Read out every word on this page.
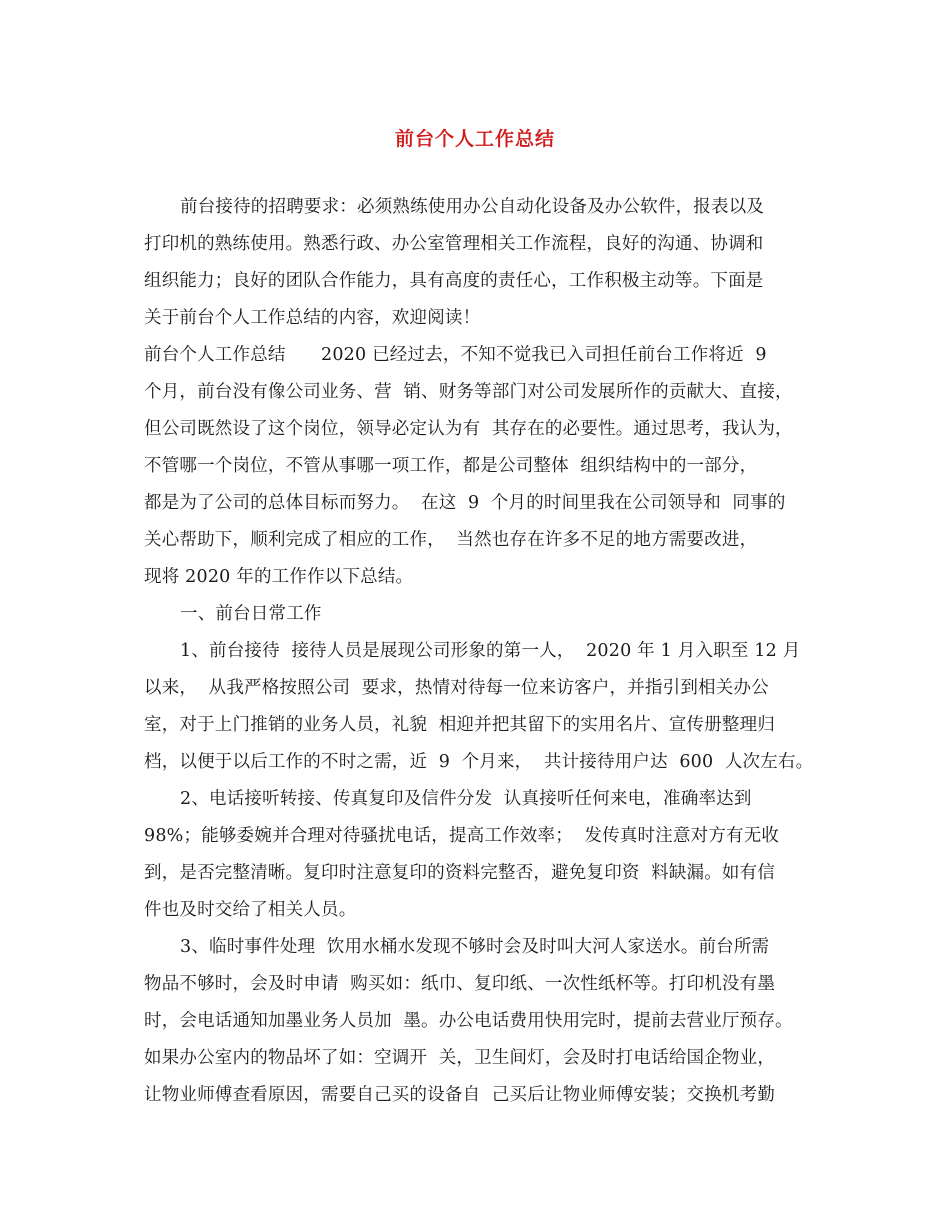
前台个人工作总结
前台接待的招聘要求：必须熟练使用办公自动化设备及办公软件，报表以及
打印机的熟练使用。熟悉行政、办公室管理相关工作流程，良好的沟通、协调和
组织能力；良好的团队合作能力，具有高度的责任心，工作积极主动等。下面是
关于前台个人工作总结的内容，欢迎阅读！
前台个人工作总结　　2020 已经过去，不知不觉我已入司担任前台工作将近  9
个月，前台没有像公司业务、营  销、财务等部门对公司发展所作的贡献大、直接，
但公司既然设了这个岗位，领导必定认为有  其存在的必要性。通过思考，我认为，
不管哪一个岗位，不管从事哪一项工作，都是公司整体  组织结构中的一部分，
都是为了公司的总体目标而努力。  在这  9  个月的时间里我在公司领导和  同事的
关心帮助下，顺利完成了相应的工作，  当然也存在许多不足的地方需要改进，
现将 2020 年的工作作以下总结。
一、前台日常工作
1、前台接待  接待人员是展现公司形象的第一人，  2020 年 1 月入职至 12 月
以来，  从我严格按照公司  要求，热情对待每一位来访客户，并指引到相关办公
室，对于上门推销的业务人员，礼貌  相迎并把其留下的实用名片、宣传册整理归
档，以便于以后工作的不时之需，近  9  个月来，  共计接待用户达  600  人次左右。
2、电话接听转接、传真复印及信件分发  认真接听任何来电，准确率达到
98%；能够委婉并合理对待骚扰电话，提高工作效率；  发传真时注意对方有无收
到，是否完整清晰。复印时注意复印的资料完整否，避免复印资  料缺漏。如有信
件也及时交给了相关人员。
3、临时事件处理  饮用水桶水发现不够时会及时叫大河人家送水。前台所需
物品不够时，会及时申请  购买如：纸巾、复印纸、一次性纸杯等。打印机没有墨
时，会电话通知加墨业务人员加  墨。办公电话费用快用完时，提前去营业厅预存。
如果办公室内的物品坏了如：空调开  关，卫生间灯，会及时打电话给国企物业，
让物业师傅查看原因，需要自己买的设备自  己买后让物业师傅安装；交换机考勤
